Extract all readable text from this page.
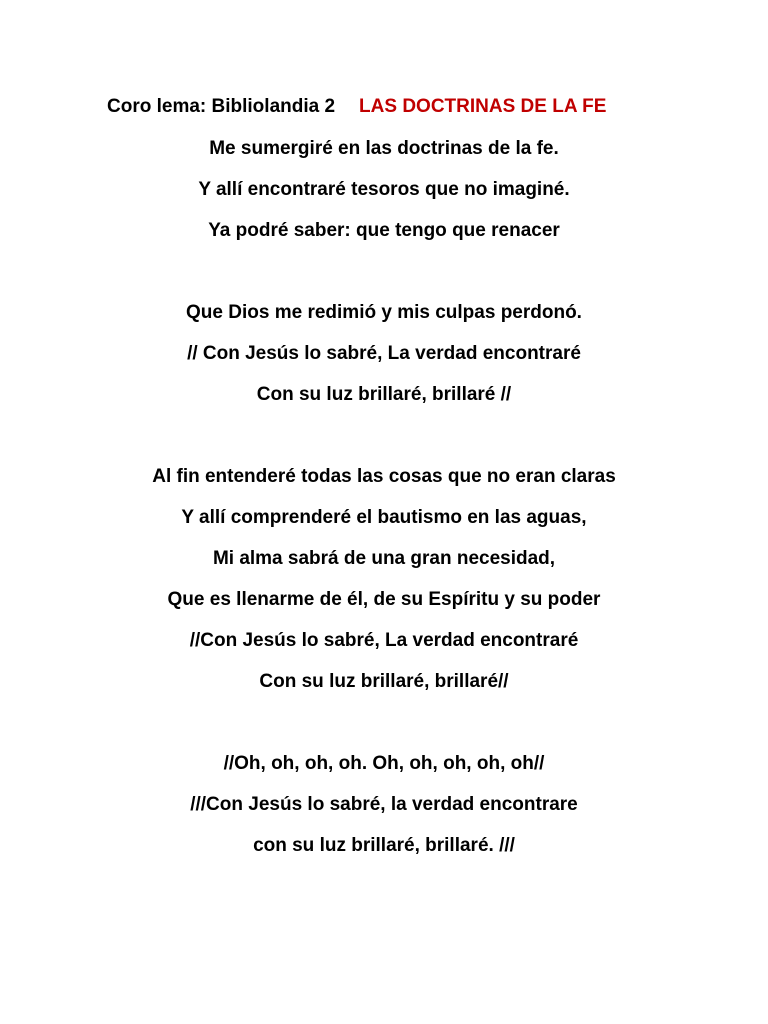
Coro lema: Bibliolandia 2 LAS DOCTRINAS DE LA FE
Me sumergiré en las doctrinas de la fe.
Y allí encontraré tesoros que no imaginé.
Ya podré saber: que tengo que renacer
Que Dios me redimió y mis culpas perdonó.
// Con Jesús lo sabré, La verdad encontraré
Con su luz brillaré, brillaré //
Al fin entenderé todas las cosas que no eran claras
Y allí comprenderé el bautismo en las aguas,
Mi alma sabrá de una gran necesidad,
Que es llenarme de él, de su Espíritu y su poder
//Con Jesús lo sabré, La verdad encontraré
Con su luz brillaré, brillaré//
//Oh, oh, oh, oh. Oh, oh, oh, oh, oh//
///Con Jesús lo sabré, la verdad encontrare
con su luz brillaré, brillaré. ///
